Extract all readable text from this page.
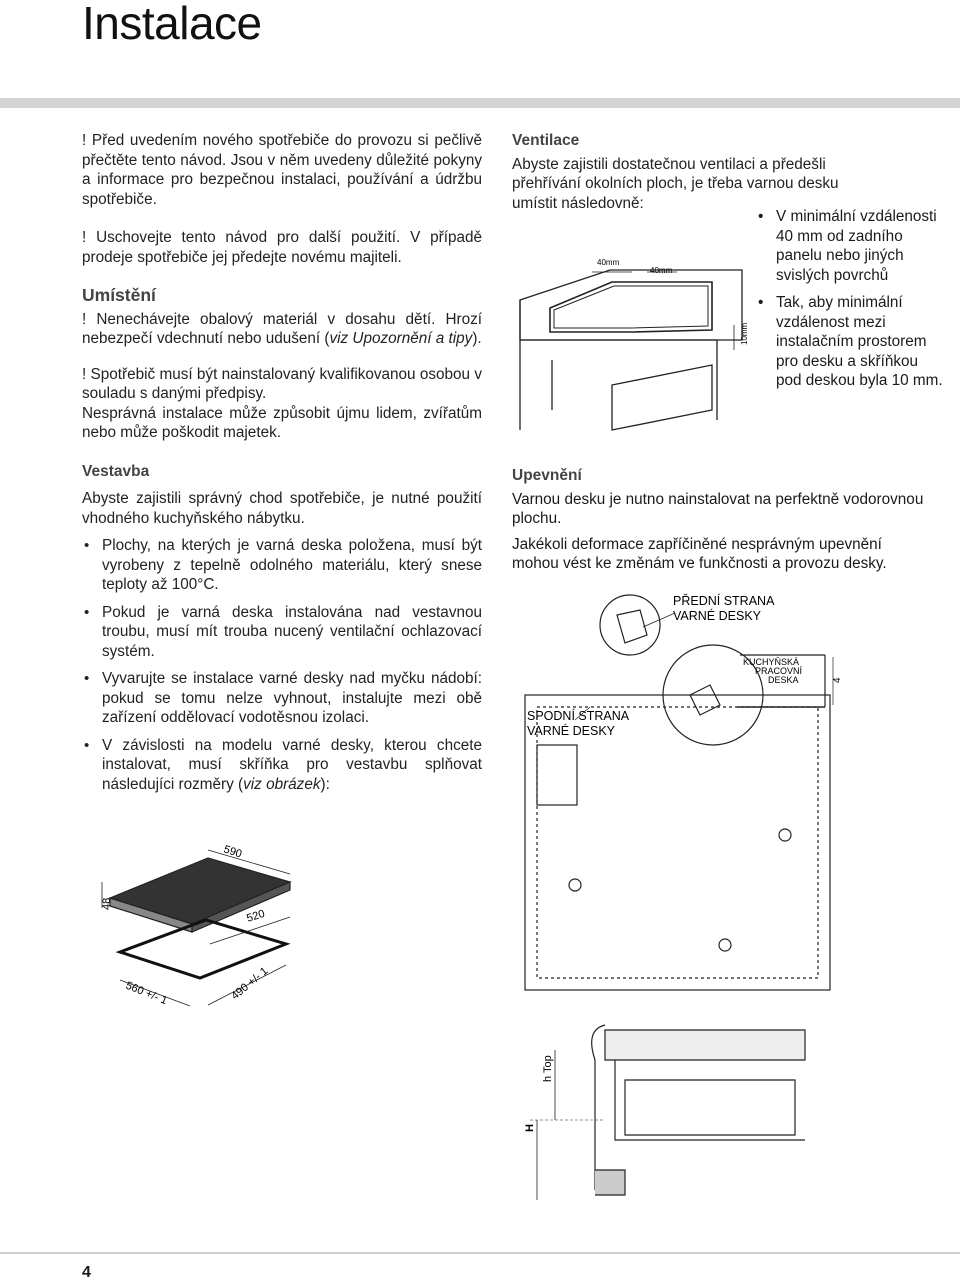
Instalace

! Před uvedením nového spotřebiče do provozu si pečlivě přečtěte tento návod. Jsou v něm uvedeny důležité pokyny a informace pro bezpečnou instalaci, používání a údržbu spotřebiče.

! Uschovejte tento návod pro další použití. V případě prodeje spotřebiče jej předejte novému majiteli.

Umístění

! Nenechávejte obalový materiál v dosahu dětí. Hrozí nebezpečí vdechnutí nebo udušení (viz Upozornění a tipy).

! Spotřebič musí být nainstalovaný kvalifikovanou osobou v souladu s danými předpisy.

Nesprávná instalace může způsobit újmu lidem, zvířatům nebo může poškodit majetek.

Vestavba

Abyste zajistili správný chod spotřebiče, je nutné použití vhodného kuchyňského nábytku.

• Plochy, na kterých je varná deska položena, musí být vyrobeny z tepelně odolného materiálu, který snese teploty až 100°C.
• Pokud je varná deska instalována nad vestavnou troubu, musí mít trouba nucený ventilační ochlazovací systém.
• Vyvarujte se instalace varné desky nad myčku nádobí: pokud se tomu nelze vyhnout, instalujte mezi obě zařízení oddělovací vodotěsnou izolaci.
• V závislosti na modelu varné desky, kterou chcete instalovat, musí skříňka pro vestavbu splňovat následujíci rozměry (viz obrázek):
Ventilace

Abyste zajistili dostatečnou ventilaci a předešli přehřívání okolních ploch, je třeba varnou desku umístit následovně:

• V minimální vzdálenosti 40 mm od zadního panelu nebo jiných svislých povrchů
• Tak, aby minimální vzdálenost mezi instalačním prostorem pro desku a skříňkou pod deskou byla 10 mm.
40mm
40mm
10mm
Upevnění

Varnou desku je nutno nainstalovat na perfektně vodorovnou plochu.

Jakékoli deformace zapříčiněné nesprávným upevnění mohou vést ke změnám ve funkčnosti a provozu desky.

PŘEDNÍ STRANA
VARNÉ DESKY
SPODNÍ STRANA
VARNÉ DESKY
KUCHYŇSKÁ
PRACOVNÍ
DESKA	4
590
520
48
560 +/- 1	490 +/- 1
h Top
H
4
